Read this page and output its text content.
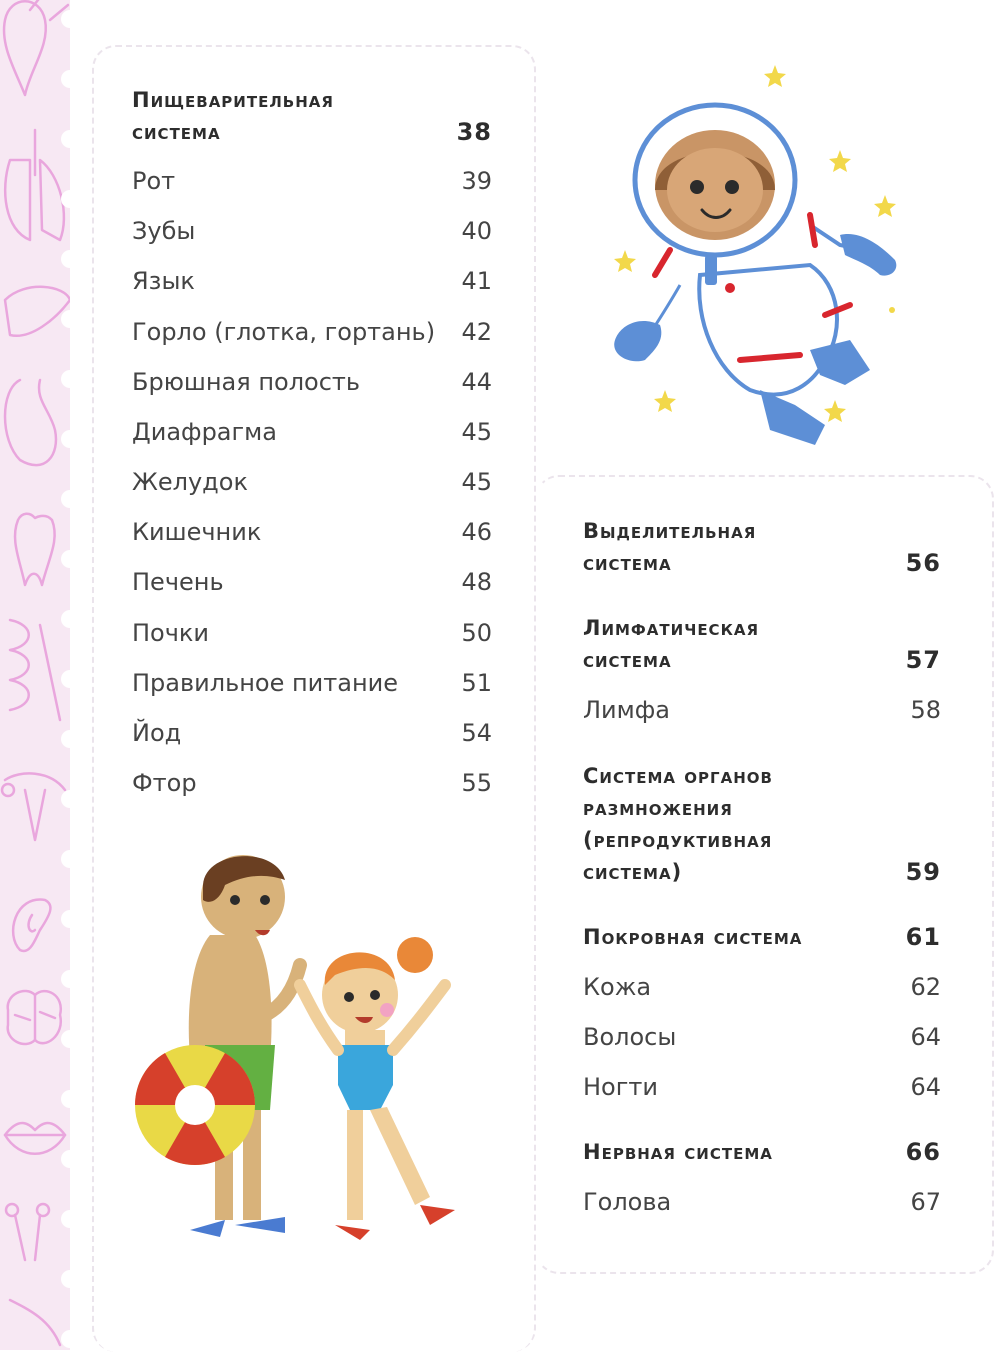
Пищеварительная система	38
Рот	39
Зубы	40
Язык	41
Горло (глотка, гортань) 42
Брюшная полость	44
Диафрагма	45
Желудок	45
Кишечник	46
Печень	48
Почки	50
Правильное питание	51
Йод	54
Фтор	55
Выделительная система	56
Лимфатическая система	57
Лимфа	58
Система органов размножения (репродуктивная система)	59
Покровная система	61
Кожа	62
Волосы	64
Ногти	64
Нервная система	66
Голова	67
